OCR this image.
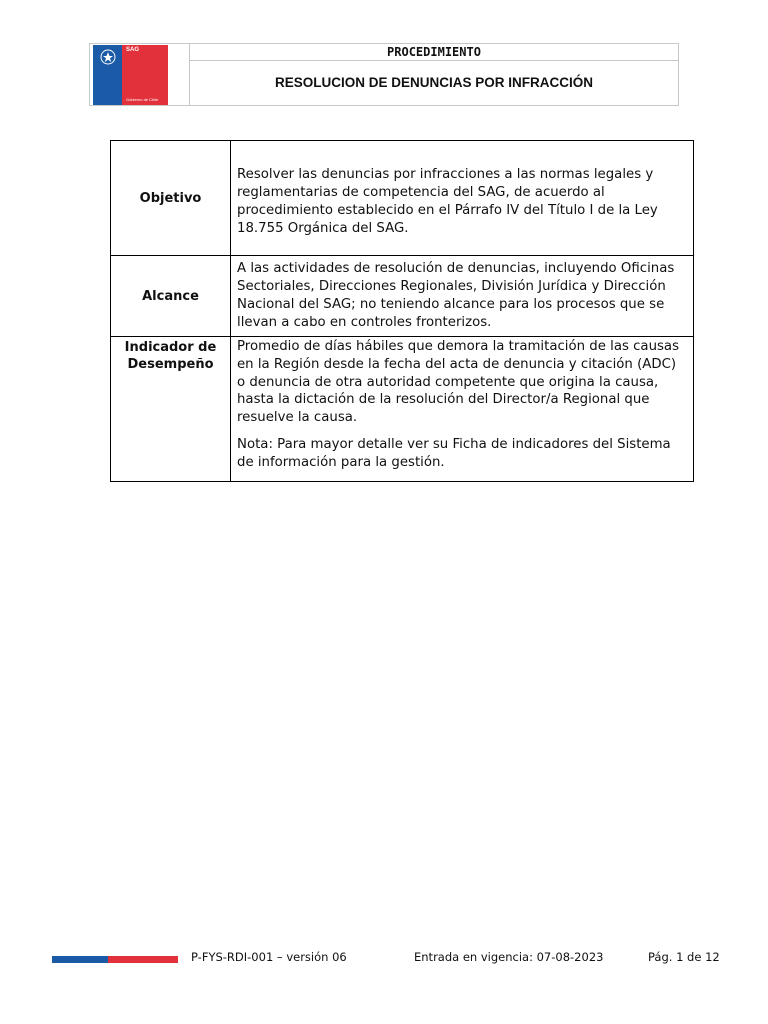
SAG
Gobierno de Chile
PROCEDIMIENTO
RESOLUCION DE DENUNCIAS POR INFRACCIÓN
Objetivo	Resolver las denuncias por infracciones a las normas legales y reglamentarias de competencia del SAG, de acuerdo al procedimiento establecido en el Párrafo IV del Título I de la Ley 18.755 Orgánica del SAG.
Alcance	A las actividades de resolución de denuncias, incluyendo Oficinas Sectoriales, Direcciones Regionales, División Jurídica y Dirección Nacional del SAG; no teniendo alcance para los procesos que se llevan a cabo en controles fronterizos.
Indicador de Desempeño	Promedio de días hábiles que demora la tramitación de las causas en la Región desde la fecha del acta de denuncia y citación (ADC) o denuncia de otra autoridad competente que origina la causa, hasta la dictación de la resolución del Director/a Regional que resuelve la causa.

Nota: Para mayor detalle ver su Ficha de indicadores del Sistema de información para la gestión.

P-FYS-RDI-001 – versión 06	Entrada en vigencia: 07-08-2023	Pág. 1 de 12
